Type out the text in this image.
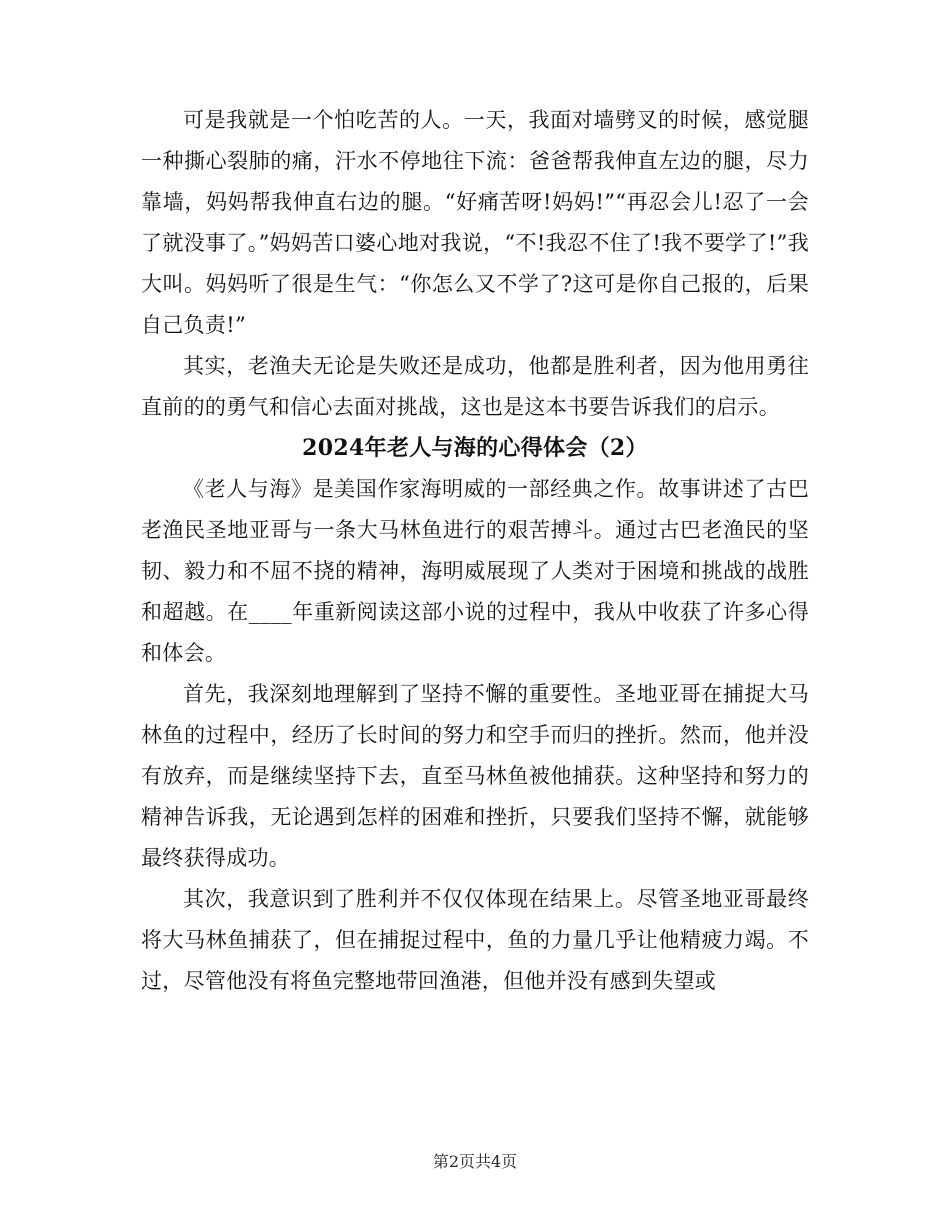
可是我就是一个怕吃苦的人。一天，我面对墙劈叉的时候，感觉腿一种撕心裂肺的痛，汗水不停地往下流：爸爸帮我伸直左边的腿，尽力靠墙，妈妈帮我伸直右边的腿。“好痛苦呀!妈妈!”“再忍会儿!忍了一会了就没事了。”妈妈苦口婆心地对我说，“不!我忍不住了!我不要学了!”我大叫。妈妈听了很是生气：“你怎么又不学了?这可是你自己报的，后果自己负责!”

其实，老渔夫无论是失败还是成功，他都是胜利者，因为他用勇往直前的的勇气和信心去面对挑战，这也是这本书要告诉我们的启示。

2024年老人与海的心得体会（2）

《老人与海》是美国作家海明威的一部经典之作。故事讲述了古巴老渔民圣地亚哥与一条大马林鱼进行的艰苦搏斗。通过古巴老渔民的坚韧、毅力和不屈不挠的精神，海明威展现了人类对于困境和挑战的战胜和超越。在____年重新阅读这部小说的过程中，我从中收获了许多心得和体会。

首先，我深刻地理解到了坚持不懈的重要性。圣地亚哥在捕捉大马林鱼的过程中，经历了长时间的努力和空手而归的挫折。然而，他并没有放弃，而是继续坚持下去，直至马林鱼被他捕获。这种坚持和努力的精神告诉我，无论遇到怎样的困难和挫折，只要我们坚持不懈，就能够最终获得成功。

其次，我意识到了胜利并不仅仅体现在结果上。尽管圣地亚哥最终将大马林鱼捕获了，但在捕捉过程中，鱼的力量几乎让他精疲力竭。不过，尽管他没有将鱼完整地带回渔港，但他并没有感到失望或

第2页共4页
